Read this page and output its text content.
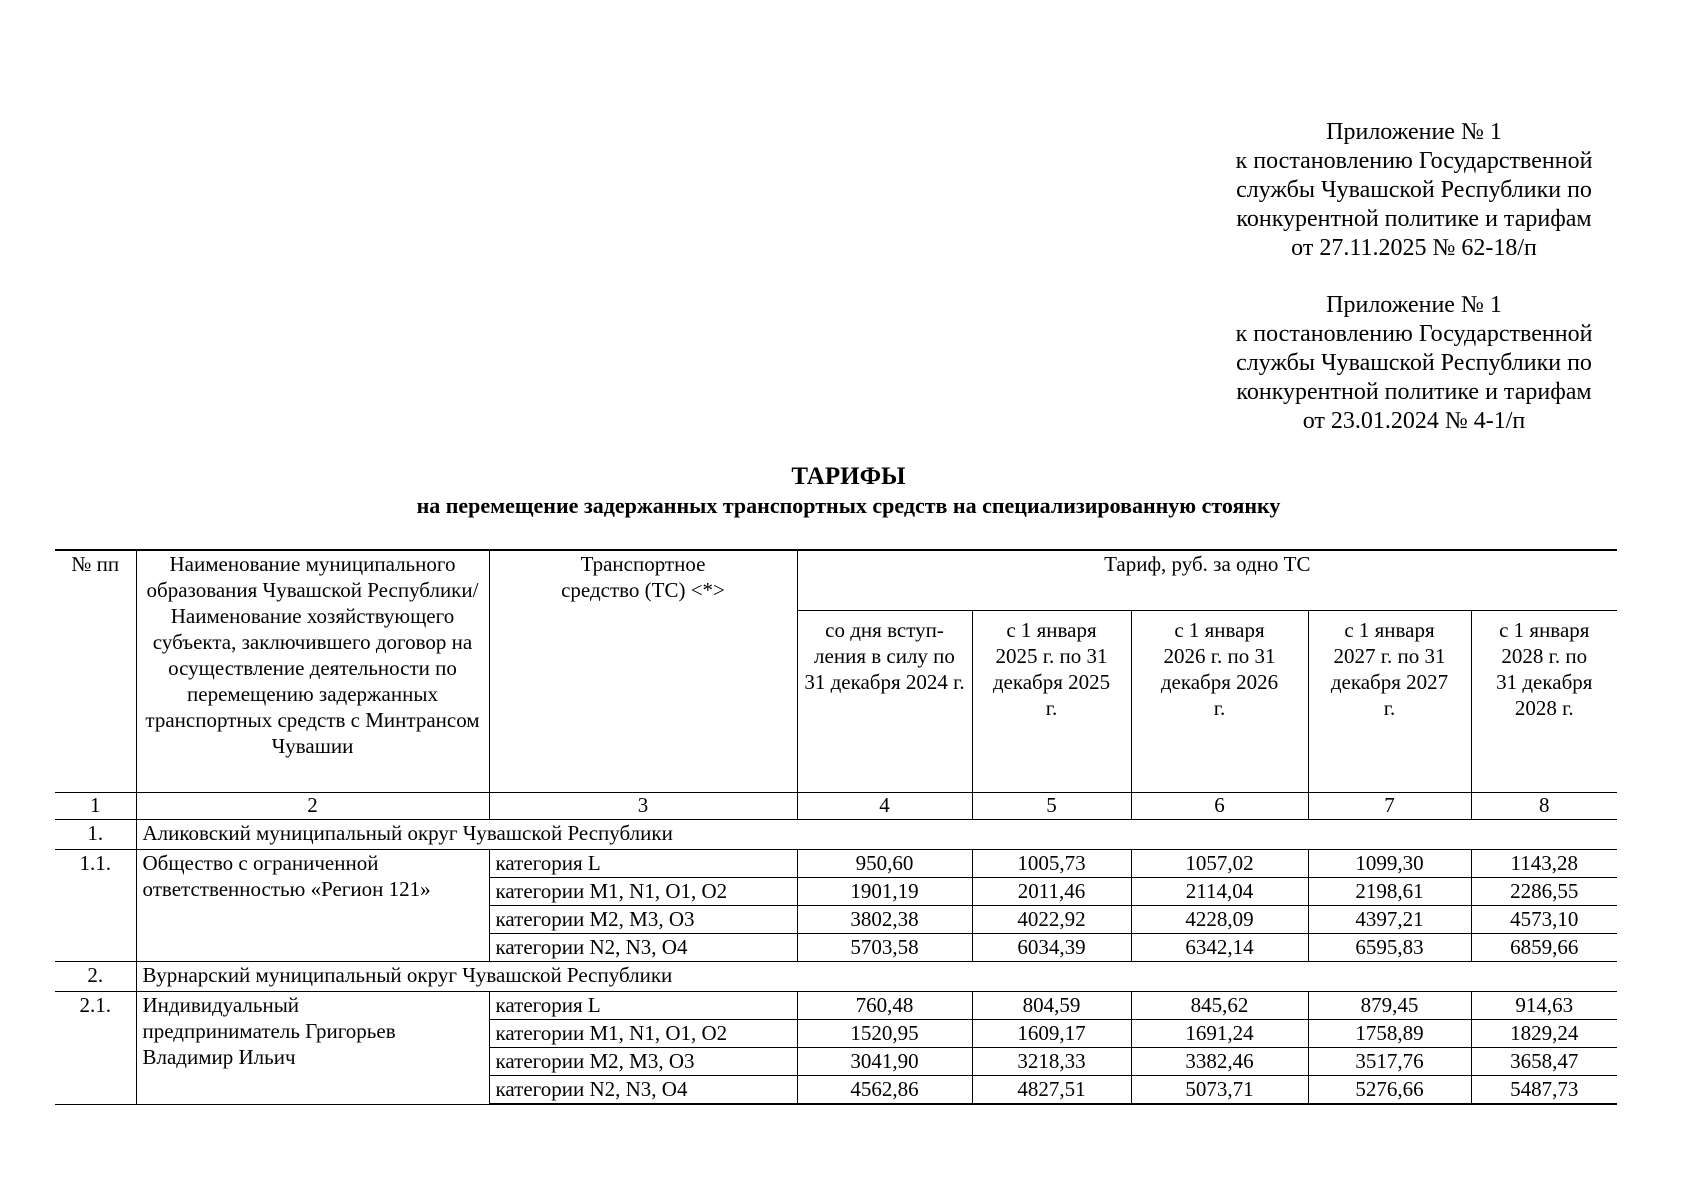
Приложение № 1
к постановлению Государственной
службы Чувашской Республики по
конкурентной политике и тарифам
от 27.11.2025 № 62-18/п
Приложение № 1
к постановлению Государственной
службы Чувашской Республики по
конкурентной политике и тарифам
от 23.01.2024 № 4-1/п
ТАРИФЫ
на перемещение задержанных транспортных средств на специализированную стоянку
№ пп	Наименование муниципального образования Чувашской Республики/ Наименование хозяйствующего субъекта, заключившего договор на осуществление деятельности по перемещению задержанных транспортных средств с Минтрансом Чувашии	Транспортное средство (ТС) <*>	Тариф, руб. за одно ТС				
			со дня вступ-ления в силу по 31 декабря 2024 г.	с 1 января 2025 г. по 31 декабря 2025 г.	с 1 января 2026 г. по 31 декабря 2026 г.	с 1 января 2027 г. по 31 декабря 2027 г.	с 1 января 2028 г. по 31 декабря 2028 г.
1	2	3	4	5	6	7	8
1.	Аликовский муниципальный округ Чувашской Республики						
1.1.	Общество с ограниченной ответственностью «Регион 121»	категория L	950,60	1005,73	1057,02	1099,30	1143,28
		категории M1, N1, O1, O2	1901,19	2011,46	2114,04	2198,61	2286,55
		категории M2, M3, O3	3802,38	4022,92	4228,09	4397,21	4573,10
		категории N2, N3, O4	5703,58	6034,39	6342,14	6595,83	6859,66
2.	Вурнарский муниципальный округ Чувашской Республики						
2.1.	Индивидуальный предприниматель Григорьев Владимир Ильич	категория L	760,48	804,59	845,62	879,45	914,63
		категории M1, N1, O1, O2	1520,95	1609,17	1691,24	1758,89	1829,24
		категории M2, M3, O3	3041,90	3218,33	3382,46	3517,76	3658,47
		категории N2, N3, O4	4562,86	4827,51	5073,71	5276,66	5487,73
